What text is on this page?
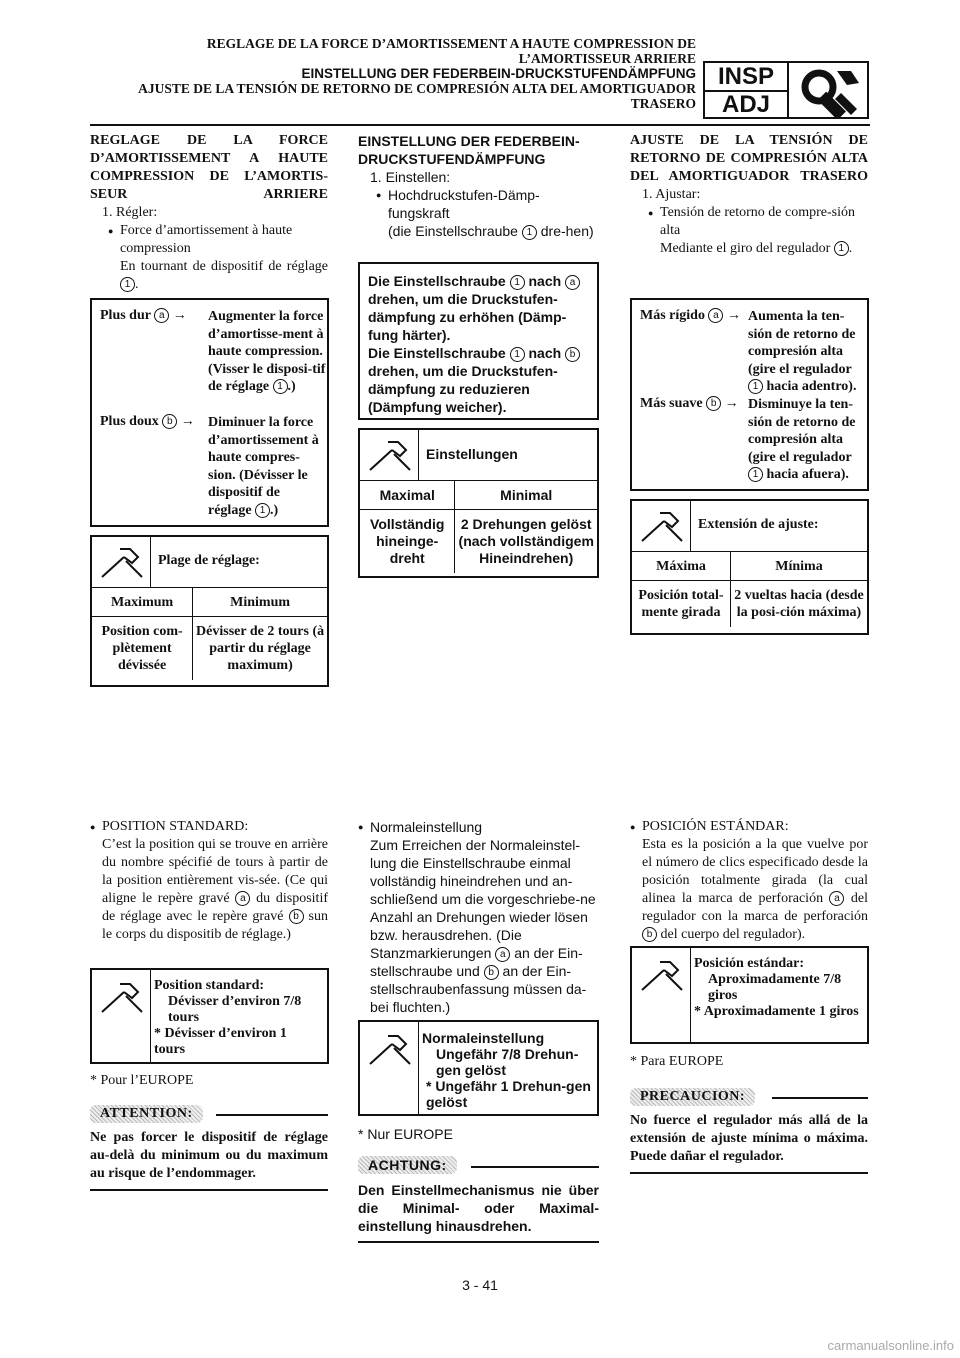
REGLAGE DE LA FORCE D’AMORTISSEMENT A HAUTE COMPRESSION DE
L’AMORTISSEUR ARRIERE
EINSTELLUNG DER FEDERBEIN-DRUCKSTUFENDÄMPFUNG
AJUSTE DE LA TENSIÓN DE RETORNO DE COMPRESIÓN ALTA DEL AMORTIGUADOR
TRASERO
INSP
ADJ
REGLAGE DE LA FORCE D’AMORTISSEMENT A HAUTE COMPRESSION DE L’AMORTIS-SEUR ARRIERE
1. Régler:
● Force d’amortissement à haute compression
En tournant de dispositif de réglage 1 .
Plus dur a → Augmenter la force d’amortisse-ment à haute compression. (Visser le disposi-tif de réglage 1 .)
Plus doux b → Diminuer la force d’amortissement à haute compres-sion. (Dévisser le dispositif de réglage 1 .)
Plage de réglage:
Maximum	Minimum
Position com-plètement dévissée	Dévisser de 2 tours (à partir du réglage maximum)
● POSITION STANDARD:
C’est la position qui se trouve en arrière du nombre spécifié de tours à partir de la position entièrement vis-sée. (Ce qui aligne le repère gravé a du dispositif de réglage avec le repère gravé b sun le corps du dispositib de réglage.)
Position standard:
Dévisser d’environ 7/8 tours
* Dévisser d’environ 1 tours
* Pour l’EUROPE
ATTENTION:
Ne pas forcer le dispositif de réglage au-delà du minimum ou du maximum au risque de l’endommager.
EINSTELLUNG DER FEDERBEIN-DRUCKSTUFENDÄMPFUNG
1. Einstellen:
● Hochdruckstufen-Dämp-fungskraft
(die Einstellschraube 1 dre-hen)
Die Einstellschraube 1 nach a drehen, um die Druckstufen-dämpfung zu erhöhen (Dämp-fung härter).
Die Einstellschraube 1 nach b drehen, um die Druckstufen-dämpfung zu reduzieren (Dämpfung weicher).
Einstellungen
Maximal	Minimal
Vollständig hineinge-dreht	2 Drehungen gelöst (nach vollständigem Hineindrehen)
● Normaleinstellung
Zum Erreichen der Normaleinstel-lung die Einstellschraube einmal vollständig hineindrehen und an-schließend um die vorgeschriebe-ne Anzahl an Drehungen wieder lösen bzw. herausdrehen. (Die Stanzmarkierungen a an der Ein-stellschraube und b an der Ein-stellschraubenfassung müssen da-bei fluchten.)
Normaleinstellung
Ungefähr 7/8 Drehun-gen gelöst
* Ungefähr 1 Drehun-gen gelöst
* Nur EUROPE
ACHTUNG:
Den Einstellmechanismus nie über die Minimal- oder Maximal-einstellung hinausdrehen.
AJUSTE DE LA TENSIÓN DE RETORNO DE COMPRESIÓN ALTA DEL AMORTIGUADOR TRASERO
1. Ajustar:
● Tensión de retorno de compre-sión alta
Mediante el giro del regulador 1 .
Más rígido a → Aumenta la ten-sión de retorno de compresión alta (gire el regulador
1 hacia adentro).
Más suave b → Disminuye la ten-sión de retorno de compresión alta (gire el regulador
1 hacia afuera).
Extensión de ajuste:
Máxima	Mínima
Posición total-mente girada	2 vueltas hacia (desde la posi-ción máxima)
● POSICIÓN ESTÁNDAR:
Esta es la posición a la que vuelve por el número de clics especificado desde la posición totalmente girada (la cual alinea la marca de perforación a del regulador con la marca de perforación b del cuerpo del regulador).
Posición estándar:
Aproximadamente 7/8 giros
* Aproximadamente 1 giros
* Para EUROPE
PRECAUCION:
No fuerce el regulador más allá de la extensión de ajuste mínima o máxima. Puede dañar el regulador.
3 - 41
carmanualsonline.info
